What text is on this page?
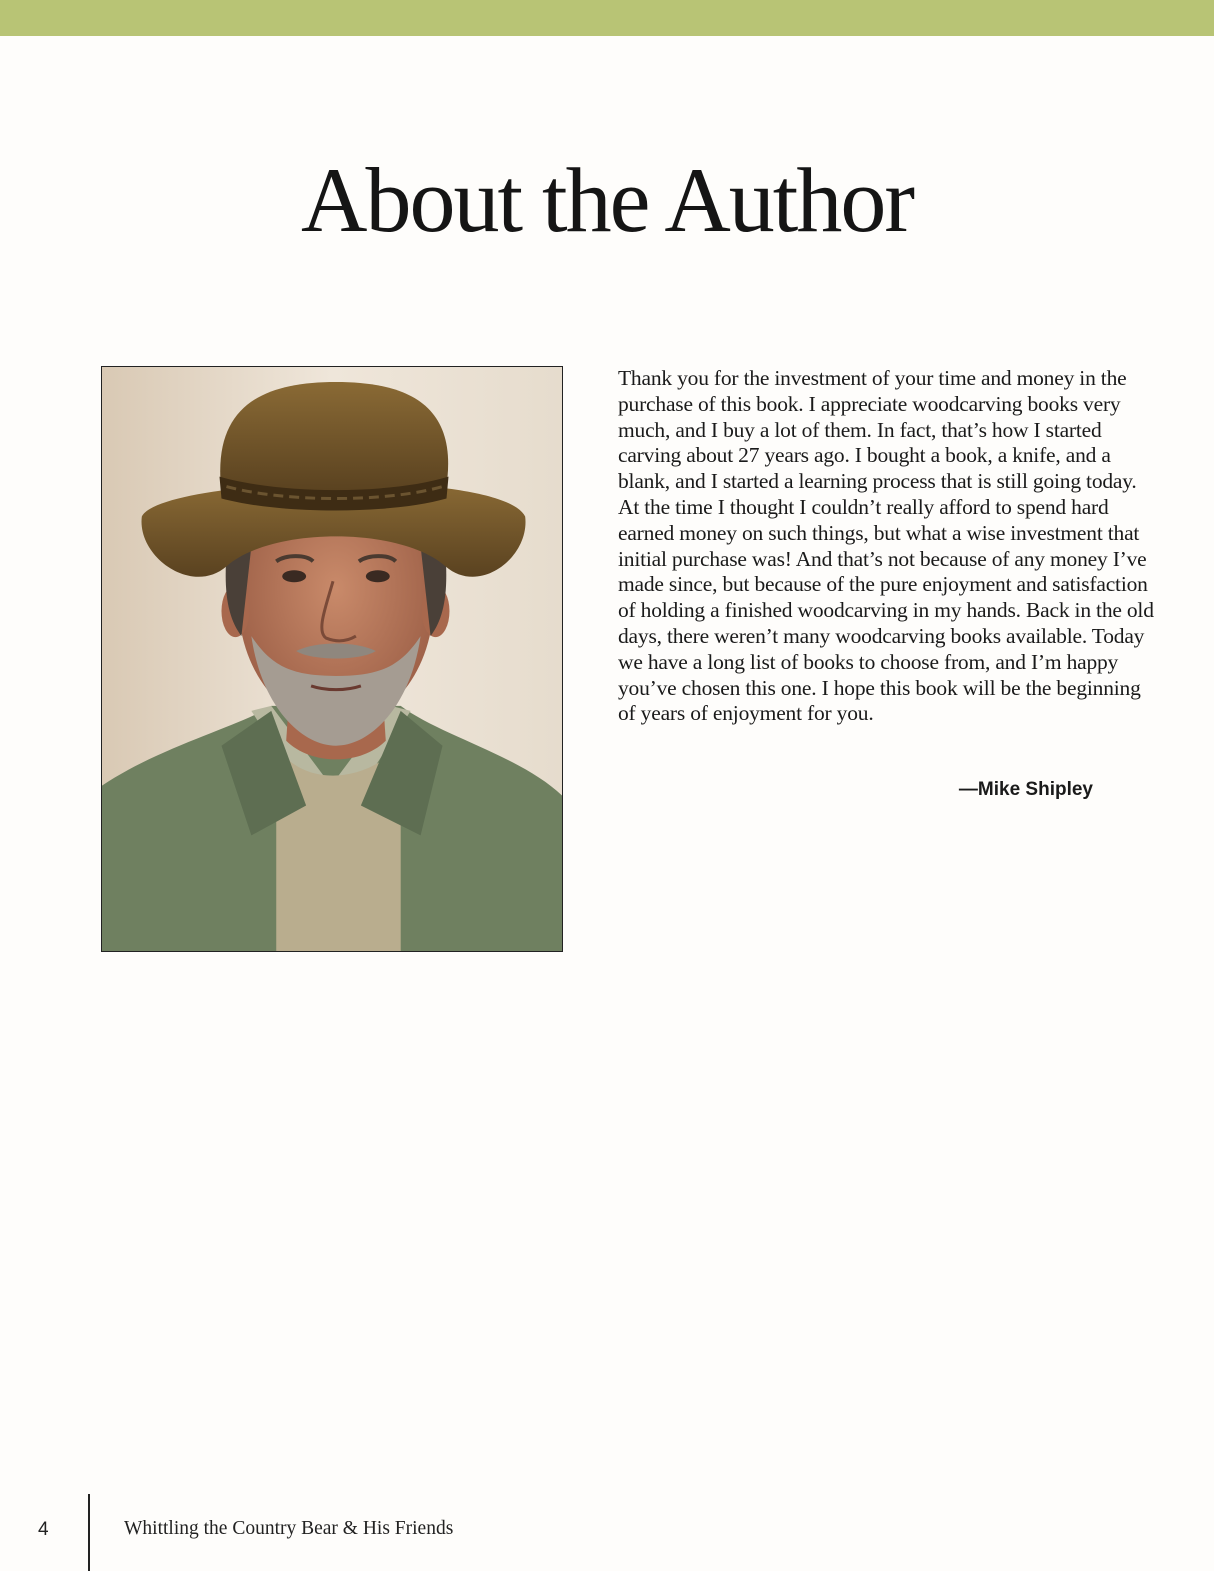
About the Author

Thank you for the investment of your time and money in the purchase of this book. I appreciate woodcarving books very much, and I buy a lot of them. In fact, that’s how I started carving about 27 years ago. I bought a book, a knife, and a blank, and I started a learning process that is still going today. At the time I thought I couldn’t really afford to spend hard earned money on such things, but what a wise investment that initial purchase was! And that’s not because of any money I’ve made since, but because of the pure enjoyment and satisfaction of holding a finished woodcarving in my hands. Back in the old days, there weren’t many woodcarving books available. Today we have a long list of books to choose from, and I’m happy you’ve chosen this one. I hope this book will be the beginning of years of enjoyment for you.

—Mike Shipley
4	Whittling the Country Bear & His Friends
